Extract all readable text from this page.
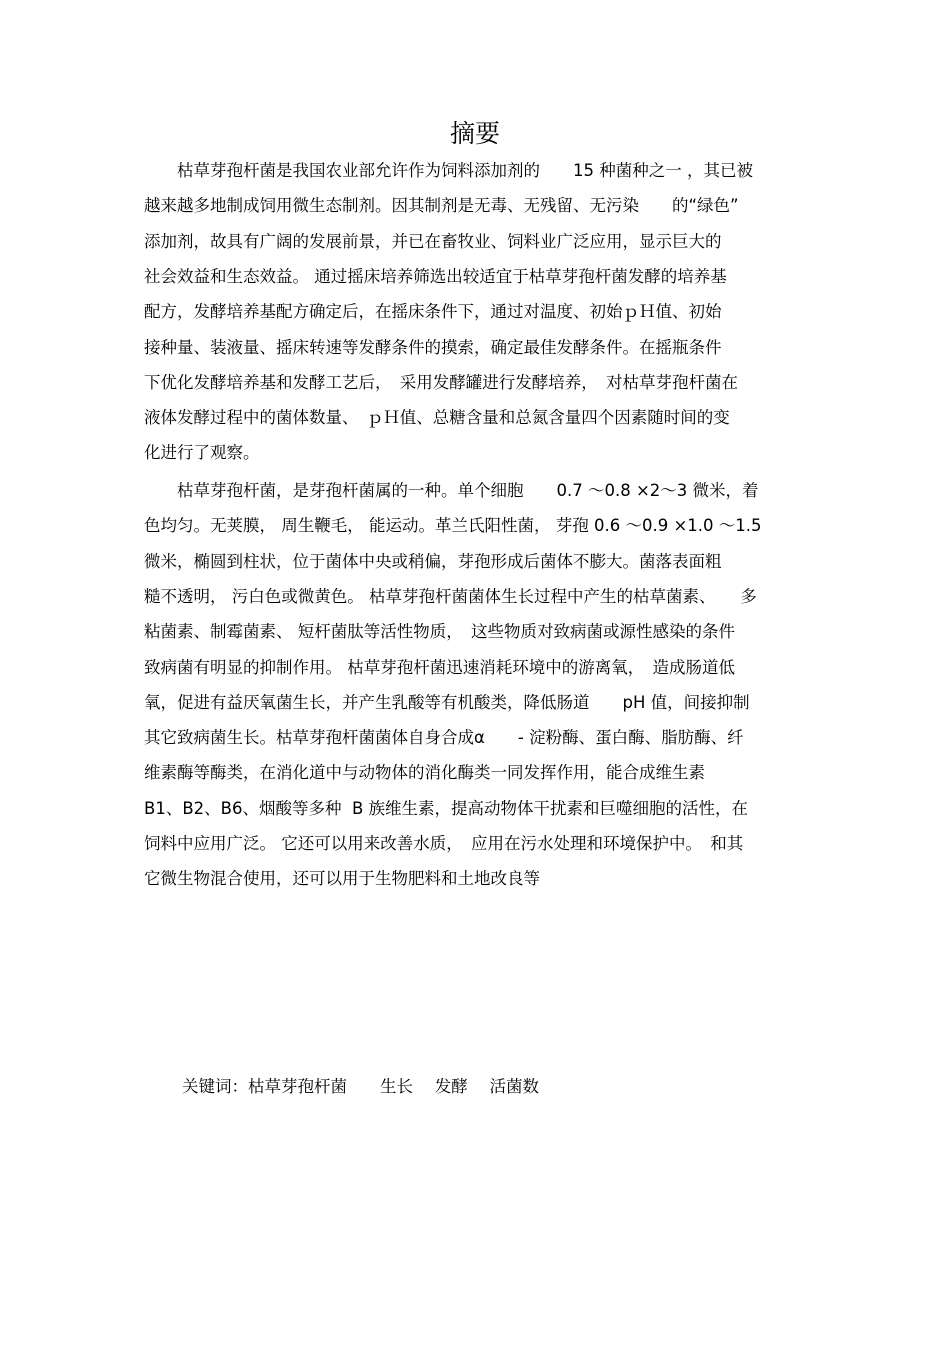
摘要
　　枯草芽孢杆菌是我国农业部允许作为饲料添加剂的　　15 种菌种之一 ，其已被
越来越多地制成饲用微生态制剂。因其制剂是无毒、无残留、无污染　　的“绿色”
添加剂，故具有广阔的发展前景，并已在畜牧业、饲料业广泛应用，显示巨大的
社会效益和生态效益。 通过摇床培养筛选出较适宜于枯草芽孢杆菌发酵的培养基
配方，发酵培养基配方确定后，在摇床条件下，通过对温度、初始ｐＨ值、初始
接种量、装液量、摇床转速等发酵条件的摸索，确定最佳发酵条件。在摇瓶条件
下优化发酵培养基和发酵工艺后，　采用发酵罐进行发酵培养，　对枯草芽孢杆菌在
液体发酵过程中的菌体数量、　ｐＨ值、总糖含量和总氮含量四个因素随时间的变
化进行了观察。
　　枯草芽孢杆菌，是芽孢杆菌属的一种。单个细胞　　0.7 ～0.8 ×2～3 微米，着
色均匀。无荚膜， 周生鞭毛， 能运动。革兰氏阳性菌， 芽孢 0.6 ～0.9 ×1.0 ～1.5
微米，椭圆到柱状，位于菌体中央或稍偏，芽孢形成后菌体不膨大。菌落表面粗
糙不透明， 污白色或微黄色。 枯草芽孢杆菌菌体生长过程中产生的枯草菌素、　　多
粘菌素、制霉菌素、 短杆菌肽等活性物质，　这些物质对致病菌或源性感染的条件
致病菌有明显的抑制作用。 枯草芽孢杆菌迅速消耗环境中的游离氧，　造成肠道低
氧，促进有益厌氧菌生长，并产生乳酸等有机酸类，降低肠道　　pH 值，间接抑制
其它致病菌生长。枯草芽孢杆菌菌体自身合成α　　- 淀粉酶、蛋白酶、脂肪酶、纤
维素酶等酶类，在消化道中与动物体的消化酶类一同发挥作用，能合成维生素
B1、B2、B6、烟酸等多种  B 族维生素，提高动物体干扰素和巨噬细胞的活性，在
饲料中应用广泛。 它还可以用来改善水质，　应用在污水处理和环境保护中。　和其
它微生物混合使用，还可以用于生物肥料和土地改良等
关键词：枯草芽孢杆菌　　生长　 发酵　 活菌数
